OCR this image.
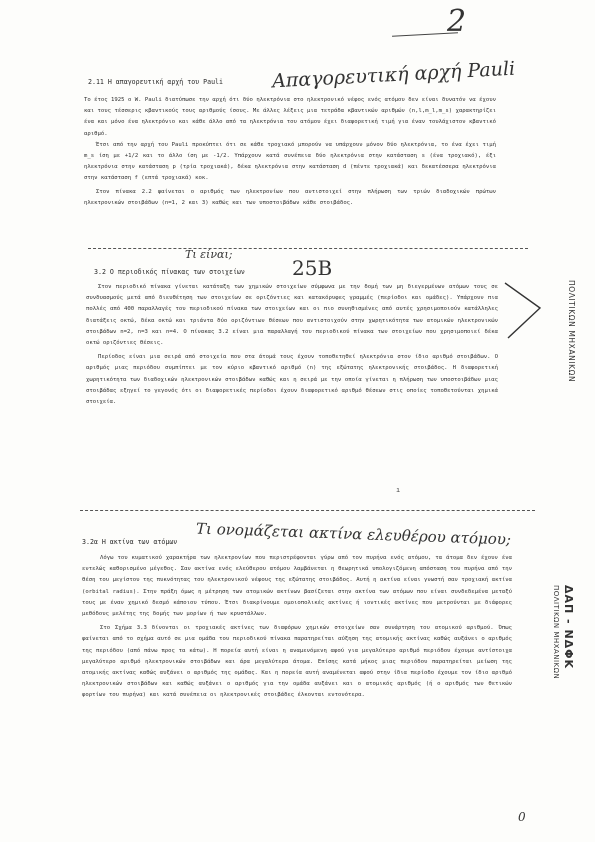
2
2.11 Η απαγορευτική αρχή του Pauli	Απαγορευτική αρχή Pauli

Το έτος 1925 ο W. Pauli διατύπωσε την αρχή ότι δύο ηλεκτρόνια στο ηλεκτρονικό νέφος ενός ατόμου δεν είναι δυνατόν να έχουν και τους τέσσερις κβαντικούς τους αριθμούς ίσους. Με άλλες λέξεις μια τετράδα κβαντικών αριθμών (n,l,m_l,m_s) χαρακτηρίζει ένα και μόνο ένα ηλεκτρόνιο και κάθε άλλο από τα ηλεκτρόνια του ατόμου έχει διαφορετική τιμή για έναν τουλάχιστον κβαντικό αριθμό.

Έτσι από την αρχή του Pauli προκύπτει ότι σε κάθε τροχιακό μπορούν να υπάρχουν μόνον δύο ηλεκτρόνια, το ένα έχει τιμή m_s ίση με +1/2 και το άλλο ίση με -1/2. Υπάρχουν κατά συνέπεια δύο ηλεκτρόνια στην κατάσταση s (ένα τροχιακό), έξι ηλεκτρόνια στην κατάσταση p (τρία τροχιακά), δέκα ηλεκτρόνια στην κατάσταση d (πέντε τροχιακά) και δεκατέσσερα ηλεκτρόνια στην κατάσταση f (επτά τροχιακά) κοκ.

Στον πίνακα 2.2 φαίνεται ο αριθμός των ηλεκτρονίων που αντιστοιχεί στην πλήρωση των τριών διαδοχικών πρώτων ηλεκτρονικών στοιβάδων (n=1, 2 και 3) καθώς και των υποστοιβάδων κάθε στοιβάδος.

ΠΟΛΙΤΙΚΩΝ ΜΗΧΑΝΙΚΩΝ
Τι είναι;
3.2 Ο περιοδικός πίνακας των στοιχείων 25Β

Στον περιοδικό πίνακα γίνεται κατάταξη των χημικών στοιχείων σύμφωνα με την δομή των μη διεγερμένων ατόμων τους σε συνδυασμούς μετά από διευθέτηση των στοιχείων σε οριζόντιες και κατακόρυφες γραμμές (περίοδοι και ομάδες). Υπάρχουν πια πολλές από 400 παραλλαγές του περιοδικού πίνακα των στοιχείων και οι πιο συνηθισμένες από αυτές χρησιμοποιούν κατάλληλες διατάξεις οκτώ, δέκα οκτώ και τριάντα δύο οριζόντιων θέσεων που αντιστοιχούν στην χωρητικότητα των ατομικών ηλεκτρονικών στοιβάδων n=2, n=3 και n=4. Ο πίνακας 3.2 είναι μια παραλλαγή του περιοδικού πίνακα των στοιχείων που χρησιμοποιεί δέκα οκτώ οριζόντιες θέσεις.

Περίοδος είναι μια σειρά από στοιχεία που στα άτομά τους έχουν τοποθετηθεί ηλεκτρόνια στον ίδιο αριθμό στοιβάδων. Ο αριθμός μιας περιόδου συμπίπτει με τον κύριο κβαντικό αριθμό (n) της εξώτατης ηλεκτρονικής στοιβάδος. Η διαφορετική χωρητικότητα των διαδοχικών ηλεκτρονικών στοιβάδων καθώς και η σειρά με την οποία γίνεται η πλήρωση των υποστοιβάδων μιας στοιβάδας εξηγεί το γεγονός ότι οι διαφορετικές περίοδοι έχουν διαφορετικό αριθμό θέσεων στις οποίες τοποθετούνται χημικά στοιχεία.

ı
3.2α Η ακτίνα των ατόμων Τι ονομάζεται ακτίνα ελευθέρου ατόμου;

Λόγω του κυματικού χαρακτήρα των ηλεκτρονίων που περιστρέφονται γύρω από τον πυρήνα ενός ατόμου, τα άτομα δεν έχουν ένα εντελώς καθορισμένο μέγεθος. Σαν ακτίνα ενός ελεύθερου ατόμου λαμβάνεται η θεωρητικά υπολογιζόμενη απόσταση του πυρήνα από την θέση του μεγίστου της πυκνότητας του ηλεκτρονικού νέφους της εξώτατης στοιβάδος. Αυτή η ακτίνα είναι γνωστή σαν τροχιακή ακτίνα (orbital radius). Στην πράξη όμως η μέτρηση των ατομικών ακτίνων βασίζεται στην ακτίνα των ατόμων που είναι συνδεδεμένα μεταξύ τους με έναν χημικό δεσμό κάποιου τύπου. Έτσι διακρίνουμε ομοιοπολικές ακτίνες ή ιοντικές ακτίνες που μετρούνται με διάφορες μεθόδους μελέτης της δομής των μορίων ή των κρυστάλλων.

Στο Σχήμα 3.3 δίνονται οι τροχιακές ακτίνες των διαφόρων χημικών στοιχείων σαν συνάρτηση του ατομικού αριθμού. Όπως φαίνεται από το σχήμα αυτό σε μια ομάδα του περιοδικού πίνακα παρατηρείται αύξηση της ατομικής ακτίνας καθώς αυξάνει ο αριθμός της περιόδου (από πάνω προς τα κάτω). Η πορεία αυτή είναι η αναμενόμενη αφού για μεγαλύτερο αριθμό περιόδου έχουμε αντίστοιχα μεγαλύτερο αριθμό ηλεκτρονικών στοιβάδων και άρα μεγαλύτερα άτομα. Επίσης κατά μήκος μιας περιόδου παρατηρείται μείωση της ατομικής ακτίνας καθώς αυξάνει ο αριθμός της ομάδας. Και η πορεία αυτή αναμένεται αφού στην ίδια περίοδο έχουμε τον ίδιο αριθμό ηλεκτρονικών στοιβάδων και καθώς αυξάνει ο αριθμός για την ομάδα αυξάνει και ο ατομικός αριθμός (ή ο αριθμός των θετικών φορτίων του πυρήνα) και κατά συνέπεια οι ηλεκτρονικές στοιβάδες έλκονται εντονότερα.

ΔΑΠ - ΝΔΦΚ
ΠΟΛΙΤΙΚΩΝ ΜΗΧΑΝΙΚΩΝ
0
